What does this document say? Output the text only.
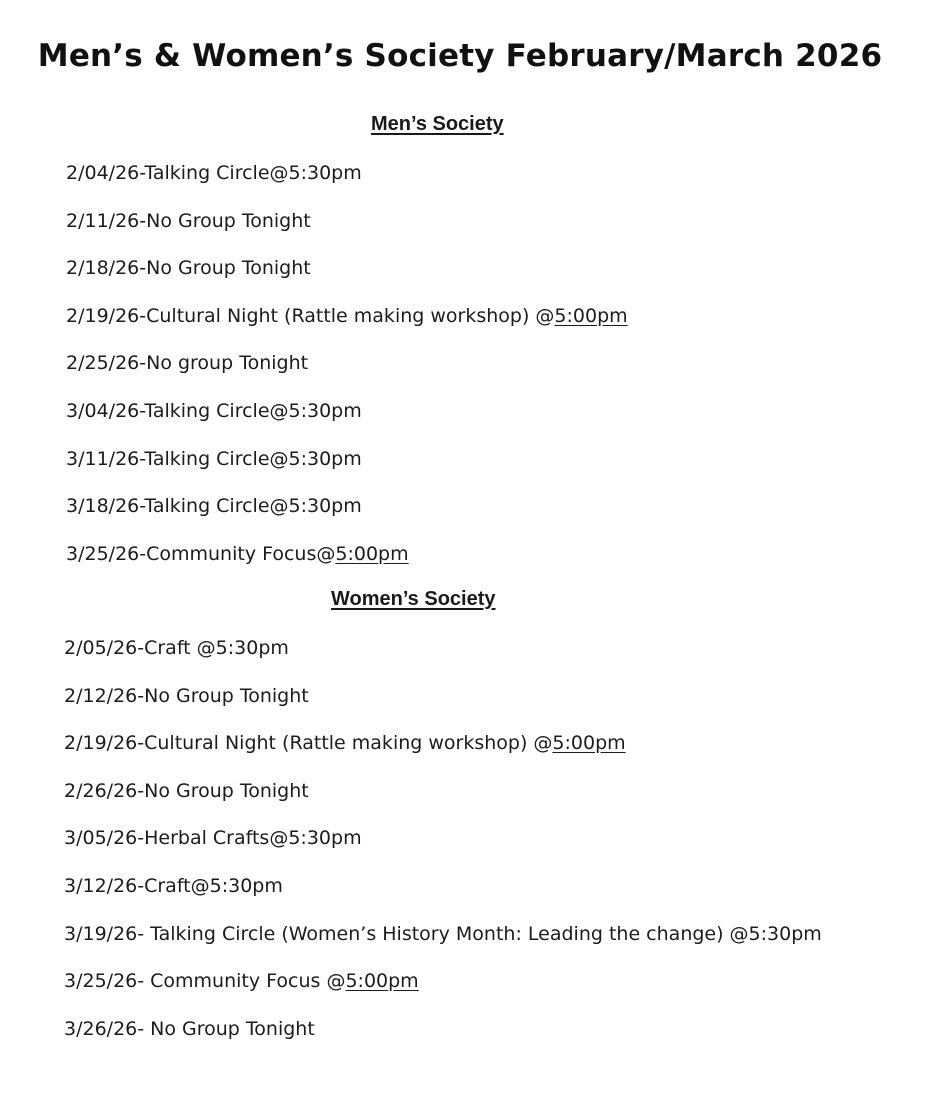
Men’s & Women’s Society February/March 2026
Men’s Society
2/04/26-Talking Circle@5:30pm
2/11/26-No Group Tonight
2/18/26-No Group Tonight
2/19/26-Cultural Night (Rattle making workshop) @5:00pm
2/25/26-No group Tonight
3/04/26-Talking Circle@5:30pm
3/11/26-Talking Circle@5:30pm
3/18/26-Talking Circle@5:30pm
3/25/26-Community Focus@5:00pm
Women’s Society
2/05/26-Craft @5:30pm
2/12/26-No Group Tonight
2/19/26-Cultural Night (Rattle making workshop) @5:00pm
2/26/26-No Group Tonight
3/05/26-Herbal Crafts@5:30pm
3/12/26-Craft@5:30pm
3/19/26- Talking Circle (Women’s History Month: Leading the change) @5:30pm
3/25/26- Community Focus @5:00pm
3/26/26- No Group Tonight
